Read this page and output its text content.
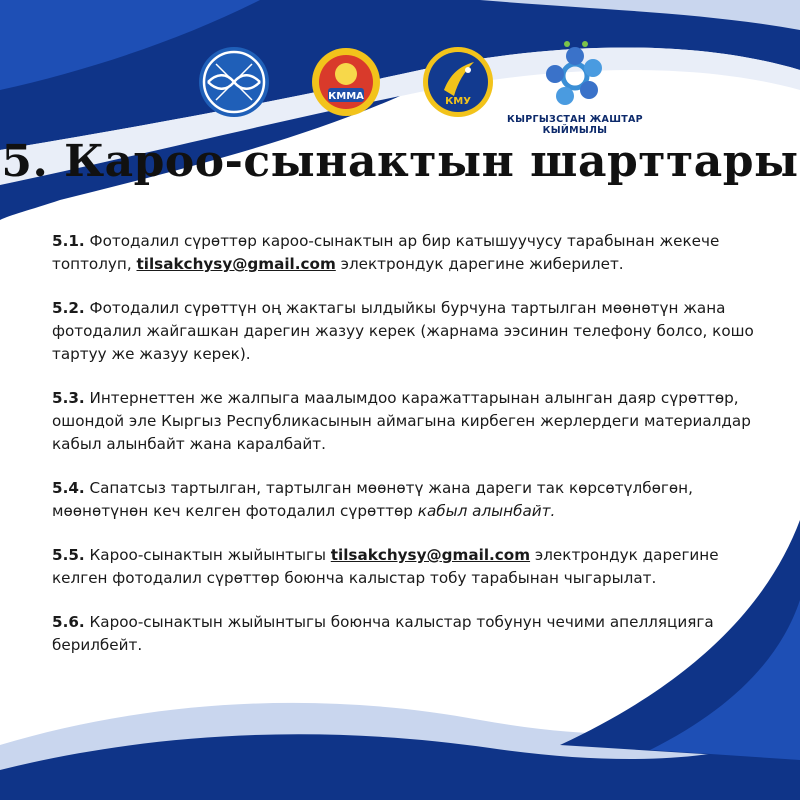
КММА	КМУ
КЫРГЫЗСТАН ЖАШТАР
КЫЙМЫЛЫ
5. Кароо-сынактын шарттары

5.1. Фотодалил сүрөттөр кароо-сынактын ар бир катышуучусу тарабынан жекече топтолуп, tilsakchysy@gmail.com электрондук дарегине жиберилет.

5.2. Фотодалил сүрөттүн оң жактагы ылдыйкы бурчуна тартылган мөөнөтүн жана фотодалил жайгашкан дарегин жазуу керек (жарнама ээсинин телефону болсо, кошо тартуу же жазуу керек).

5.3. Интернеттен же жалпыга маалымдоо каражаттарынан алынган даяр сүрөттөр, ошондой эле Кыргыз Республикасынын аймагына кирбеген жерлердеги материалдар кабыл алынбайт жана каралбайт.

5.4. Сапатсыз тартылган, тартылган мөөнөтү жана дареги так көрсөтүлбөгөн, мөөнөтүнөн кеч келген фотодалил сүрөттөр кабыл алынбайт.

5.5. Кароо-сынактын жыйынтыгы tilsakchysy@gmail.com электрондук дарегине келген фотодалил сүрөттөр боюнча калыстар тобу тарабынан чыгарылат.

5.6. Кароо-сынактын жыйынтыгы боюнча калыстар тобунун чечими апелляцияга берилбейт.
